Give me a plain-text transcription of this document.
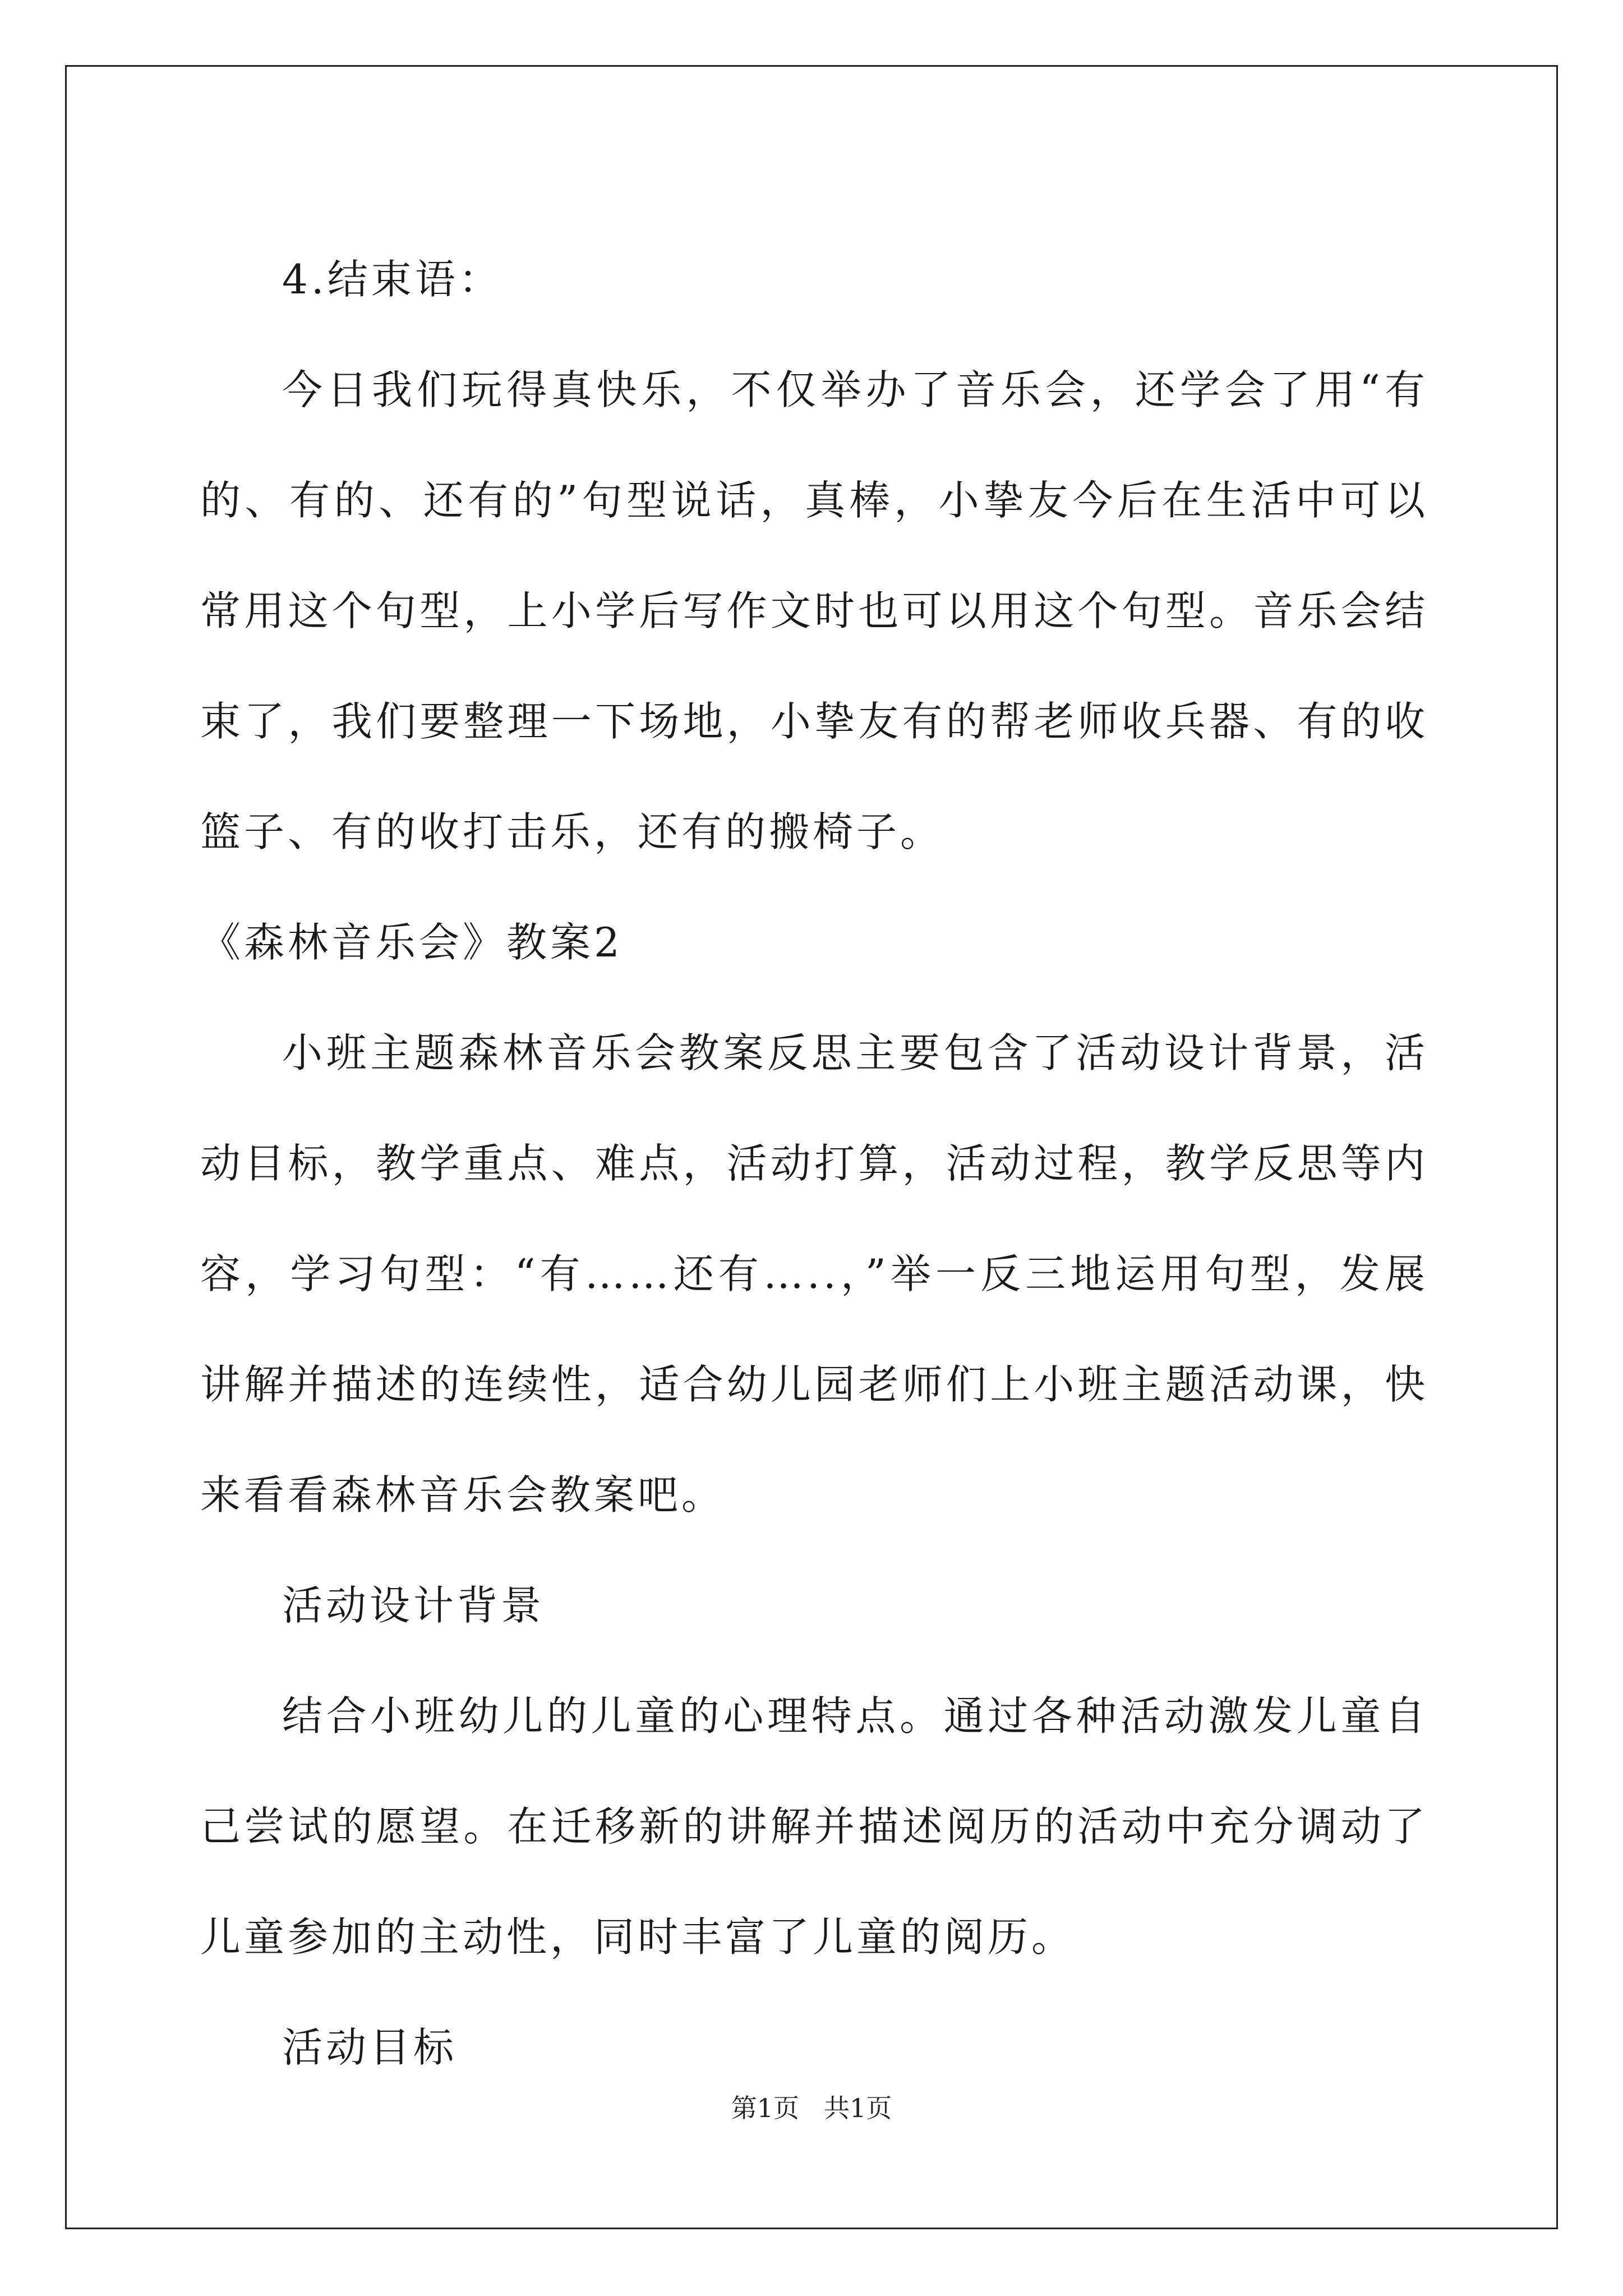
4.结束语：

今日我们玩得真快乐，不仅举办了音乐会，还学会了用“有的、有的、还有的”句型说话，真棒，小挚友今后在生活中可以常用这个句型，上小学后写作文时也可以用这个句型。音乐会结束了，我们要整理一下场地，小挚友有的帮老师收兵器、有的收篮子、有的收打击乐，还有的搬椅子。

《森林音乐会》教案2

小班主题森林音乐会教案反思主要包含了活动设计背景，活动目标，教学重点、难点，活动打算，活动过程，教学反思等内容，学习句型：“有……还有…..，”举一反三地运用句型，发展讲解并描述的连续性，适合幼儿园老师们上小班主题活动课，快来看看森林音乐会教案吧。

活动设计背景

结合小班幼儿的儿童的心理特点。通过各种活动激发儿童自己尝试的愿望。在迁移新的讲解并描述阅历的活动中充分调动了儿童参加的主动性，同时丰富了儿童的阅历。

活动目标

第1页 共1页
